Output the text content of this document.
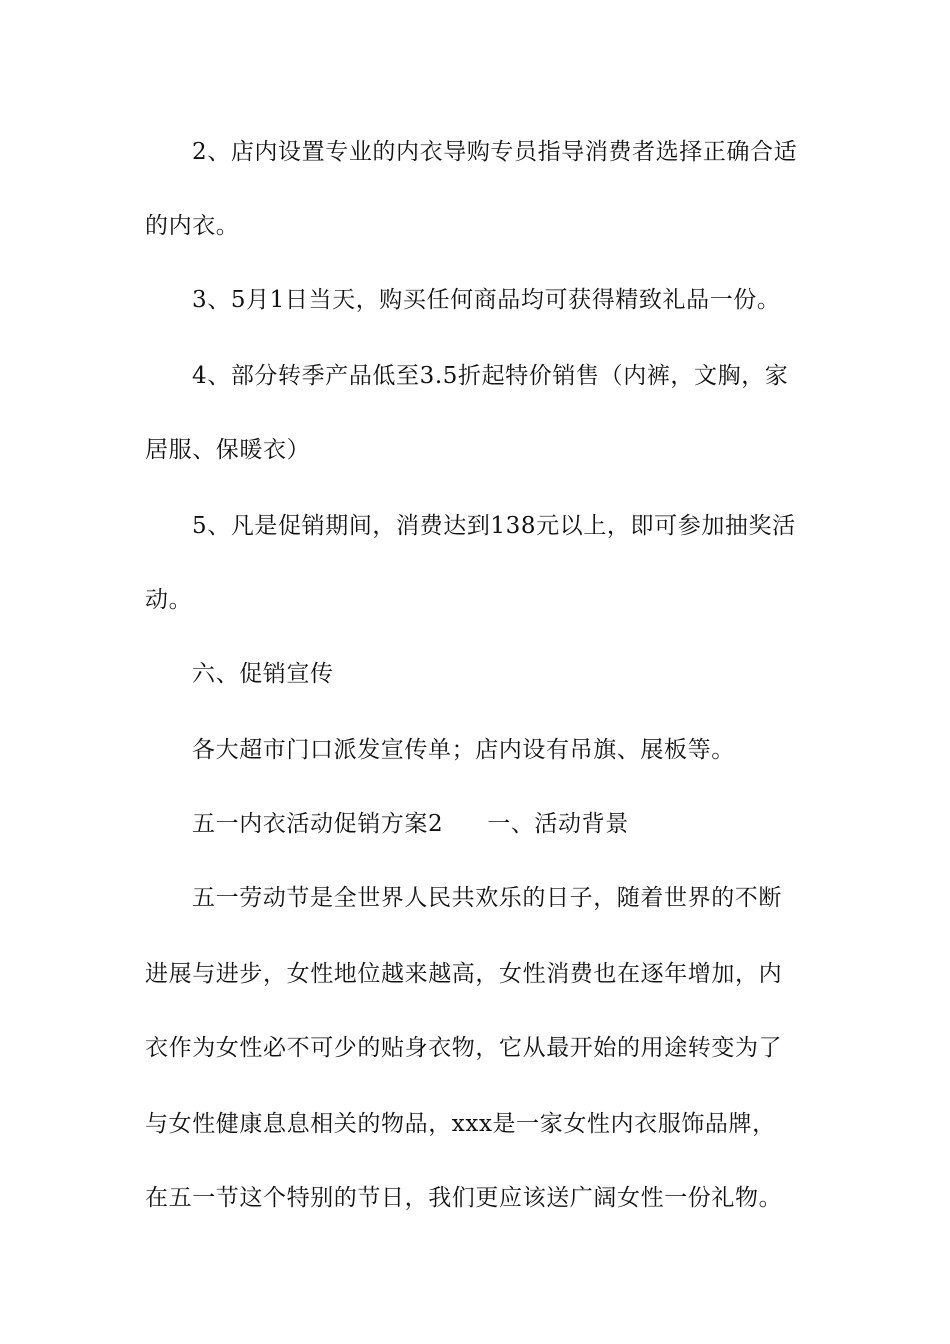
2、店内设置专业的内衣导购专员指导消费者选择正确合适
的内衣。
3、5月1日当天，购买任何商品均可获得精致礼品一份。
4、部分转季产品低至3.5折起特价销售（内裤，文胸，家
居服、保暖衣）
5、凡是促销期间，消费达到138元以上，即可参加抽奖活
动。
六、促销宣传
各大超市门口派发宣传单；店内设有吊旗、展板等。
五一内衣活动促销方案2 一、活动背景
五一劳动节是全世界人民共欢乐的日子，随着世界的不断
进展与进步，女性地位越来越高，女性消费也在逐年增加，内
衣作为女性必不可少的贴身衣物，它从最开始的用途转变为了
与女性健康息息相关的物品，xxx是一家女性内衣服饰品牌，
在五一节这个特别的节日，我们更应该送广阔女性一份礼物。
